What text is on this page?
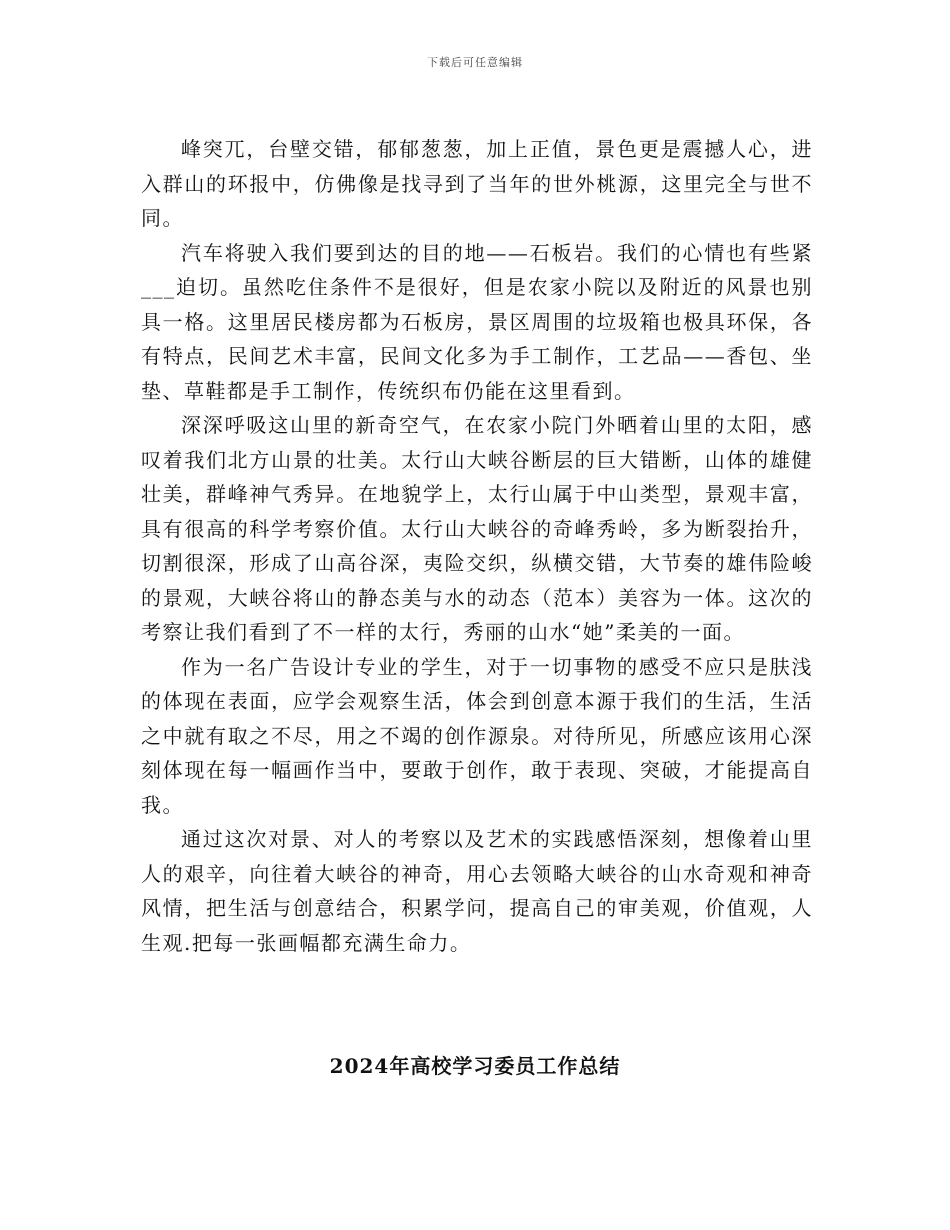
下载后可任意编辑

峰突兀，台壁交错，郁郁葱葱，加上正值，景色更是震撼人心，进入群山的环报中，仿佛像是找寻到了当年的世外桃源，这里完全与世不同。

汽车将驶入我们要到达的目的地——石板岩。我们的心情也有些紧___迫切。虽然吃住条件不是很好，但是农家小院以及附近的风景也别具一格。这里居民楼房都为石板房，景区周围的垃圾箱也极具环保，各有特点，民间艺术丰富，民间文化多为手工制作，工艺品——香包、坐垫、草鞋都是手工制作，传统织布仍能在这里看到。

深深呼吸这山里的新奇空气，在农家小院门外晒着山里的太阳，感叹着我们北方山景的壮美。太行山大峡谷断层的巨大错断，山体的雄健壮美，群峰神气秀异。在地貌学上，太行山属于中山类型，景观丰富，具有很高的科学考察价值。太行山大峡谷的奇峰秀岭，多为断裂抬升，切割很深，形成了山高谷深，夷险交织，纵横交错，大节奏的雄伟险峻的景观，大峡谷将山的静态美与水的动态（范本）美容为一体。这次的考察让我们看到了不一样的太行，秀丽的山水“她”柔美的一面。

作为一名广告设计专业的学生，对于一切事物的感受不应只是肤浅的体现在表面，应学会观察生活，体会到创意本源于我们的生活，生活之中就有取之不尽，用之不竭的创作源泉。对待所见，所感应该用心深刻体现在每一幅画作当中，要敢于创作，敢于表现、突破，才能提高自我。

通过这次对景、对人的考察以及艺术的实践感悟深刻，想像着山里人的艰辛，向往着大峡谷的神奇，用心去领略大峡谷的山水奇观和神奇风情，把生活与创意结合，积累学问，提高自己的审美观，价值观，人生观.把每一张画幅都充满生命力。

2024年高校学习委员工作总结
